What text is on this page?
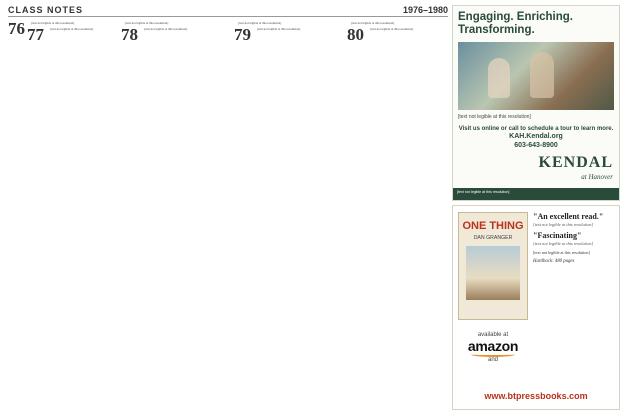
CLASS NOTES	1976–1980
76	[text not legible at this resolution]

77	[text not legible at this resolution]

[text not legible at this resolution]

78	[text not legible at this resolution]

[text not legible at this resolution]

79	[text not legible at this resolution]

[text not legible at this resolution]

80	[text not legible at this resolution]

Engaging. Enriching. Transforming.
[text not legible at this resolution]
Visit us online or call to schedule a tour to learn more.
KAH.Kendal.org
603-643-8900
KENDAL
at Hanover
[text not legible at this resolution]
ONE THING
DAN GRANGER
"An excellent read."
[text not legible at this resolution]
"Fascinating"
[text not legible at this resolution]
[text not legible at this resolution]
Hardback: 480 pages
available at
amazon
and
www.btpressbooks.com
